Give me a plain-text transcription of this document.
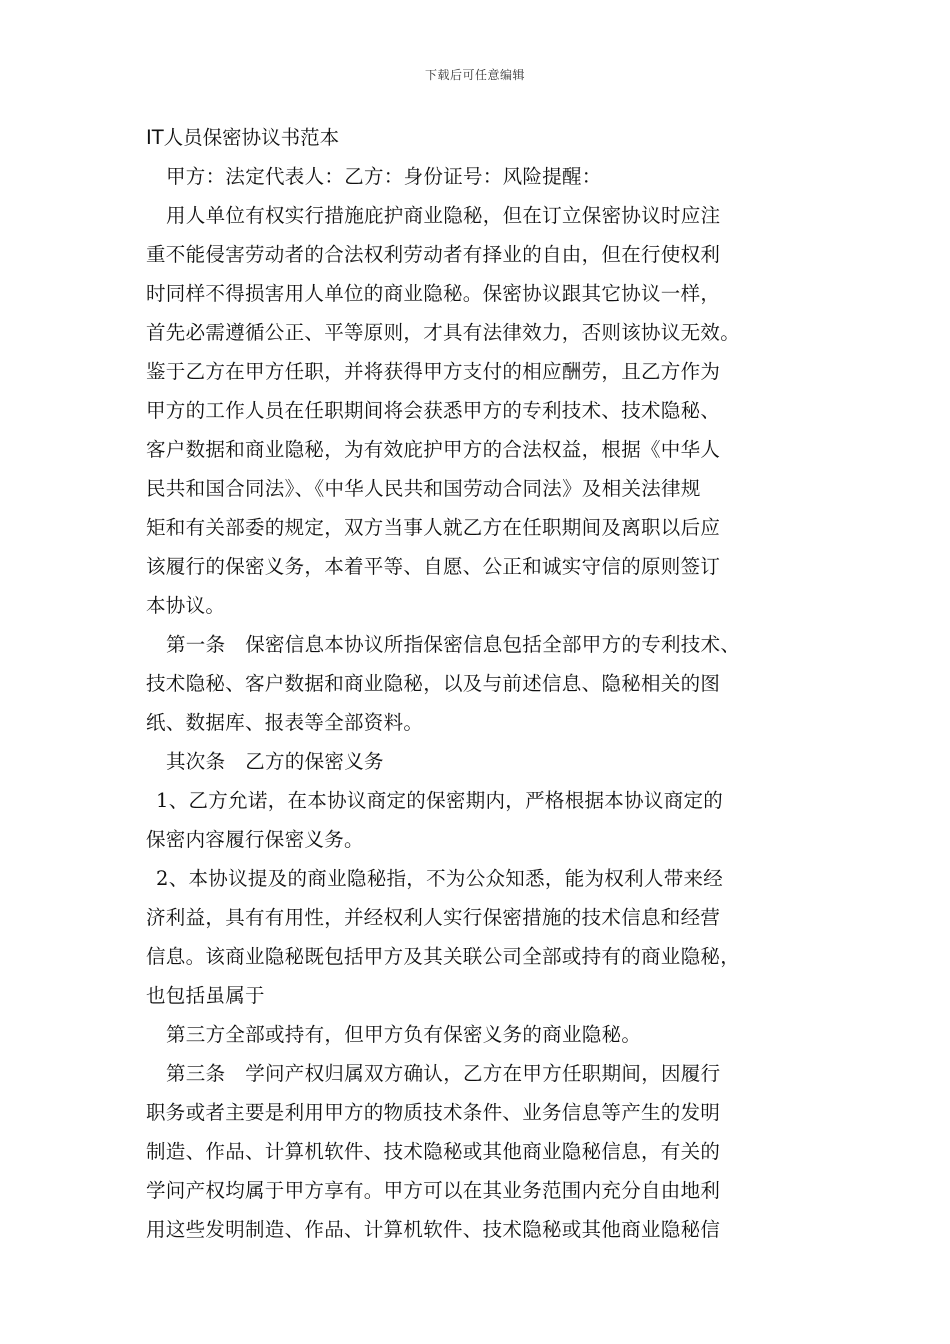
下载后可任意编辑
IT人员保密协议书范本
甲方：法定代表人：乙方：身份证号：风险提醒：
用人单位有权实行措施庇护商业隐秘，但在订立保密协议时应注
重不能侵害劳动者的合法权利劳动者有择业的自由，但在行使权利
时同样不得损害用人单位的商业隐秘。保密协议跟其它协议一样，
首先必需遵循公正、平等原则，才具有法律效力，否则该协议无效。
鉴于乙方在甲方任职，并将获得甲方支付的相应酬劳，且乙方作为
甲方的工作人员在任职期间将会获悉甲方的专利技术、技术隐秘、
客户数据和商业隐秘，为有效庇护甲方的合法权益，根据《中华人
民共和国合同法》、《中华人民共和国劳动合同法》及相关法律规
矩和有关部委的规定，双方当事人就乙方在任职期间及离职以后应
该履行的保密义务，本着平等、自愿、公正和诚实守信的原则签订
本协议。
第一条　保密信息本协议所指保密信息包括全部甲方的专利技术、
技术隐秘、客户数据和商业隐秘，以及与前述信息、隐秘相关的图
纸、数据库、报表等全部资料。
其次条　乙方的保密义务
1、乙方允诺，在本协议商定的保密期内，严格根据本协议商定的
保密内容履行保密义务。
2、本协议提及的商业隐秘指，不为公众知悉，能为权利人带来经
济利益，具有有用性，并经权利人实行保密措施的技术信息和经营
信息。该商业隐秘既包括甲方及其关联公司全部或持有的商业隐秘，
也包括虽属于
第三方全部或持有，但甲方负有保密义务的商业隐秘。
第三条　学问产权归属双方确认，乙方在甲方任职期间，因履行
职务或者主要是利用甲方的物质技术条件、业务信息等产生的发明
制造、作品、计算机软件、技术隐秘或其他商业隐秘信息，有关的
学问产权均属于甲方享有。甲方可以在其业务范围内充分自由地利
用这些发明制造、作品、计算机软件、技术隐秘或其他商业隐秘信
